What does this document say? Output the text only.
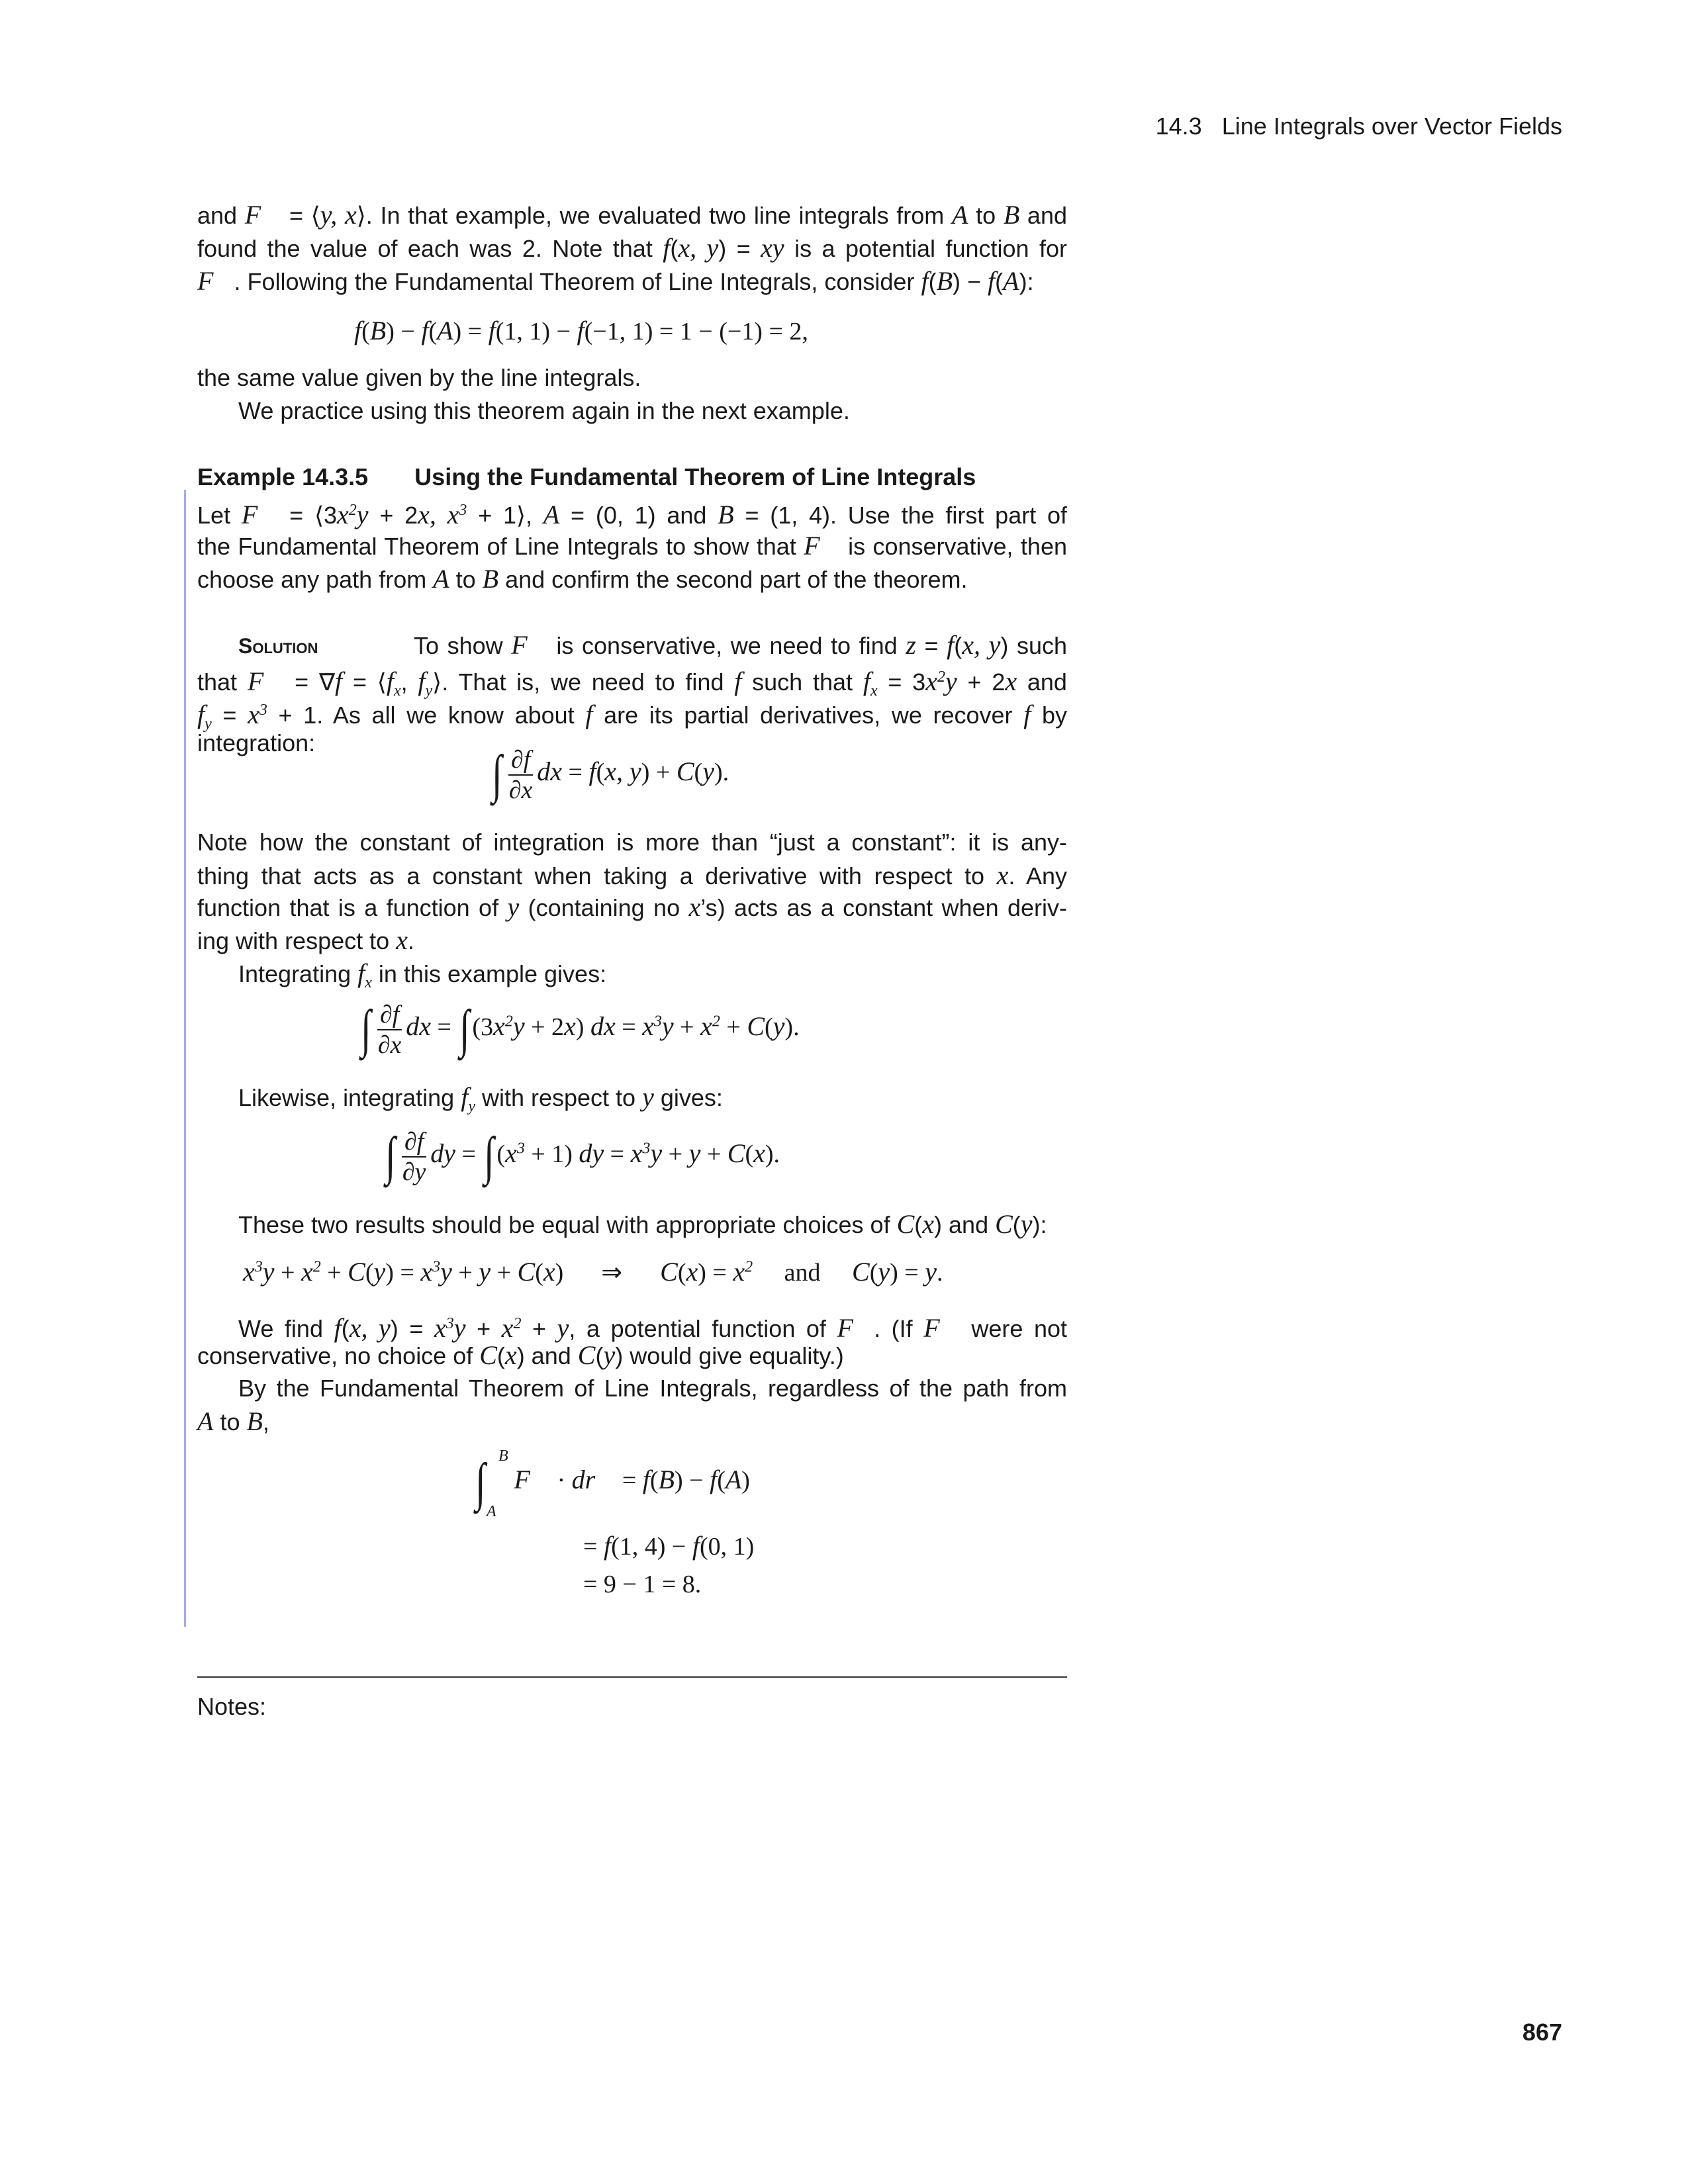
14.3 Line Integrals over Vector Fields
and F⃗ = ⟨y, x⟩. In that example, we evaluated two line integrals from A to B and
found the value of each was 2. Note that f(x, y) = xy is a potential function for
F⃗. Following the Fundamental Theorem of Line Integrals, consider f(B) − f(A):
f(B) − f(A) = f(1, 1) − f(−1, 1) = 1 − (−1) = 2,
the same value given by the line integrals.
We practice using this theorem again in the next example.
Example 14.3.5 Using the Fundamental Theorem of Line Integrals
Let F⃗ = $⟨3x^2y + 2x$, $x^3$ + 1⟩, A = (0, 1) and B = (1, 4). Use the first part of
the Fundamental Theorem of Line Integrals to show that F⃗ is conservative, then
choose any path from A to B and confirm the second part of the theorem.
Solution	To show F⃗ is conservative, we need to find z = f(x, y) such
that F⃗ = $\nabla f = ⟨f_x$, $f_y⟩$. That is, we need to find f such that $f_x = 3x^2y + 2x$ and
$f_y = x^3 + 1$. As all we know about f are its partial derivatives, we recover f by
integration:
∫ $\frac{\partial f}{\partial x}$ dx = f(x, y) + C(y).
Note how the constant of integration is more than “just a constant”: it is any-
thing that acts as a constant when taking a derivative with respect to x. Any
function that is a function of y (containing no x’s) acts as a constant when deriv-
ing with respect to x.
Integrating $f_x$ in this example gives:
∫ $\frac{\partial f}{\partial x}$ dx = $\int(3x^2y + 2x)$ dx = $x^3y + x^2 + C(y)$.
Likewise, integrating $f_y$ with respect to y gives:
∫ $\frac{\partial f}{\partial y}$ dy = $\int(x^3 + 1)$ dy = $x^3y + y + C(x)$.
These two results should be equal with appropriate choices of C(x) and C(y):
$x^3y + x^2 + C(y) = x^3y + y + C(x)$      ⇒      $C(x) = x^2$     and     C(y) = y.
We find f(x, $y) = x^3y + x^2 + y$, a potential function of F⃗. (If F⃗ were not
conservative, no choice of C(x) and C(y) would give equality.)
By the Fundamental Theorem of Line Integrals, regardless of the path from
A to B,
∫ B
A
F⃗ · dr⃗ = f(B) − f(A)
= f(1, 4) − f(0, 1)
= 9 − 1 = 8.
Notes:
867
